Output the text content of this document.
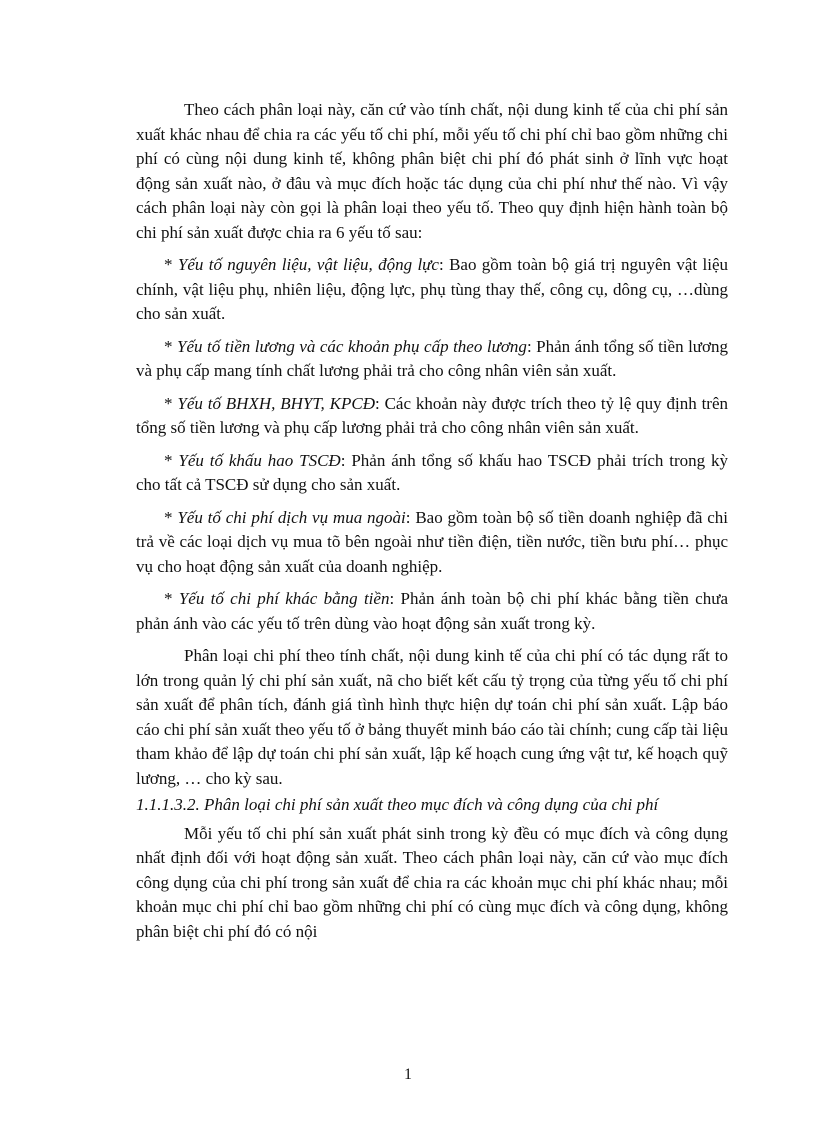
Theo cách phân loại này, căn cứ vào tính chất, nội dung kinh tế của chi phí sản xuất khác nhau để chia ra các yếu tố chi phí, mỗi yếu tố chi phí chỉ bao gồm những chi phí có cùng nội dung kinh tế, không phân biệt chi phí đó phát sinh ở lĩnh vực hoạt động sản xuất nào, ở đâu và mục đích hoặc tác dụng của chi phí như thế nào. Vì vậy cách phân loại này còn gọi là phân loại theo yếu tố. Theo quy định hiện hành toàn bộ chi phí sản xuất được chia ra 6 yếu tố sau:

* Yếu tố nguyên liệu, vật liệu, động lực: Bao gồm toàn bộ giá trị nguyên vật liệu chính, vật liệu phụ, nhiên liệu, động lực, phụ tùng thay thế, công cụ, dông cụ, …dùng cho sản xuất.

* Yếu tố tiền lương và các khoản phụ cấp theo lương: Phản ánh tổng số tiền lương và phụ cấp mang tính chất lương phải trả cho công nhân viên sản xuất.

* Yếu tố BHXH, BHYT, KPCĐ: Các khoản này được trích theo tỷ lệ quy định trên tổng số tiền lương và phụ cấp lương phải trả cho công nhân viên sản xuất.

* Yếu tố khấu hao TSCĐ: Phản ánh tổng số khấu hao TSCĐ phải trích trong kỳ cho tất cả TSCĐ sử dụng cho sản xuất.

* Yếu tố chi phí dịch vụ mua ngoài: Bao gồm toàn bộ số tiền doanh nghiệp đã chi trả về các loại dịch vụ mua tõ bên ngoài như tiền điện, tiền nước, tiền bưu phí… phục vụ cho hoạt động sản xuất của doanh nghiệp.

* Yếu tố chi phí khác bằng tiền: Phản ánh toàn bộ chi phí khác bằng tiền chưa phản ánh vào các yếu tố trên dùng vào hoạt động sản xuất trong kỳ.

Phân loại chi phí theo tính chất, nội dung kinh tế của chi phí có tác dụng rất to lớn trong quản lý chi phí sản xuất, nã cho biết kết cấu tỷ trọng của từng yếu tố chi phí sản xuất để phân tích, đánh giá tình hình thực hiện dự toán chi phí sản xuất. Lập báo cáo chi phí sản xuất theo yếu tố ở bảng thuyết minh báo cáo tài chính; cung cấp tài liệu tham khảo để lập dự toán chi phí sản xuất, lập kế hoạch cung ứng vật tư, kế hoạch quỹ lương, … cho kỳ sau.

1.1.1.3.2. Phân loại chi phí sản xuất theo mục đích và công dụng của chi phí

Mỗi yếu tố chi phí sản xuất phát sinh trong kỳ đều có mục đích và công dụng nhất định đối với hoạt động sản xuất. Theo cách phân loại này, căn cứ vào mục đích công dụng của chi phí trong sản xuất để chia ra các khoản mục chi phí khác nhau; mỗi khoản mục chi phí chỉ bao gồm những chi phí có cùng mục đích và công dụng, không phân biệt chi phí đó có nội

1
